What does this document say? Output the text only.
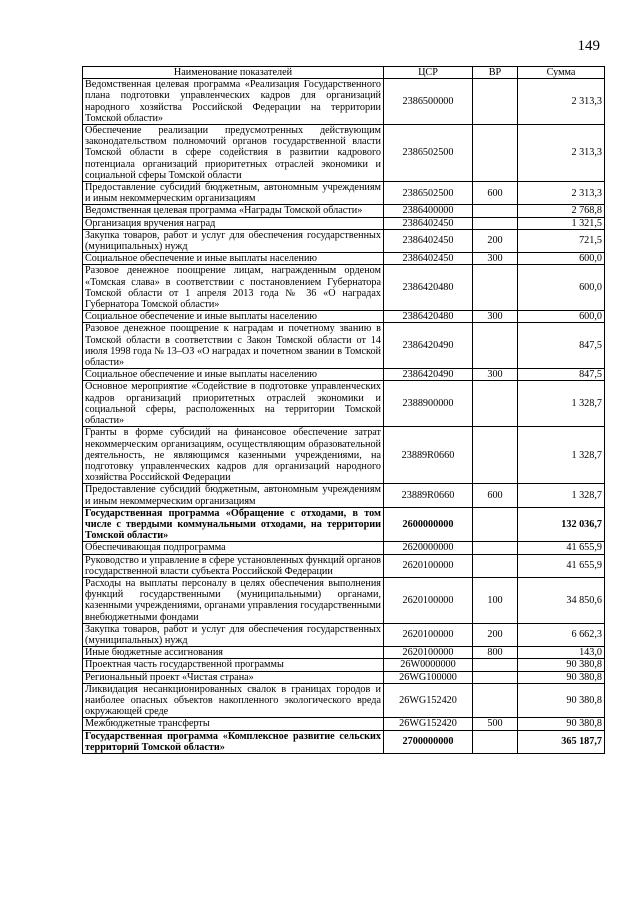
149
Наименование показателей	ЦСР	ВР	Сумма
Ведомственная целевая программа «Реализация Государственного плана подготовки управленческих кадров для организаций народного хозяйства Российской Федерации на территории Томской области»	2386500000		2 313,3
Обеспечение реализации предусмотренных действующим законодательством полномочий органов государственной власти Томской области в сфере содействия в развитии кадрового потенциала организаций приоритетных отраслей экономики и социальной сферы Томской области	2386502500		2 313,3
Предоставление субсидий бюджетным, автономным учреждениям и иным некоммерческим организациям	2386502500	600	2 313,3
Ведомственная целевая программа «Награды Томской области»	2386400000		2 768,8
Организация вручения наград	2386402450		1 321,5
Закупка товаров, работ и услуг для обеспечения государственных (муниципальных) нужд	2386402450	200	721,5
Социальное обеспечение и иные выплаты населению	2386402450	300	600,0
Разовое денежное поощрение лицам, награжденным орденом «Томская слава» в соответствии с постановлением Губернатора Томской области от 1 апреля 2013 года № 36 «О наградах Губернатора Томской области»	2386420480		600,0
Социальное обеспечение и иные выплаты населению	2386420480	300	600,0
Разовое денежное поощрение к наградам и почетному званию в Томской области в соответствии с Закон Томской области от 14 июля 1998 года № 13–ОЗ «О наградах и почетном звании в Томской области»	2386420490		847,5
Социальное обеспечение и иные выплаты населению	2386420490	300	847,5
Основное мероприятие «Содействие в подготовке управленческих кадров организаций приоритетных отраслей экономики и социальной сферы, расположенных на территории Томской области»	2388900000		1 328,7
Гранты в форме субсидий на финансовое обеспечение затрат некоммерческим организациям, осуществляющим образовательной деятельность, не являющимся казенными учреждениями, на подготовку управленческих кадров для организаций народного хозяйства Российской Федерации	23889R0660		1 328,7
Предоставление субсидий бюджетным, автономным учреждениям и иным некоммерческим организациям	23889R0660	600	1 328,7
Государственная программа «Обращение с отходами, в том числе с твердыми коммунальными отходами, на территории Томской области»	2600000000		132 036,7
Обеспечивающая подпрограмма	2620000000		41 655,9
Руководство и управление в сфере установленных функций органов государственной власти субъекта Российской Федерации	2620100000		41 655,9
Расходы на выплаты персоналу в целях обеспечения выполнения функций государственными (муниципальными) органами, казенными учреждениями, органами управления государственными внебюджетными фондами	2620100000	100	34 850,6
Закупка товаров, работ и услуг для обеспечения государственных (муниципальных) нужд	2620100000	200	6 662,3
Иные бюджетные ассигнования	2620100000	800	143,0
Проектная часть государственной программы	26W0000000		90 380,8
Региональный проект «Чистая страна»	26WG100000		90 380,8
Ликвидация несанкционированных свалок в границах городов и наиболее опасных объектов накопленного экологического вреда окружающей среде	26WG152420		90 380,8
Межбюджетные трансферты	26WG152420	500	90 380,8
Государственная программа «Комплексное развитие сельских территорий Томской области»	2700000000		365 187,7
